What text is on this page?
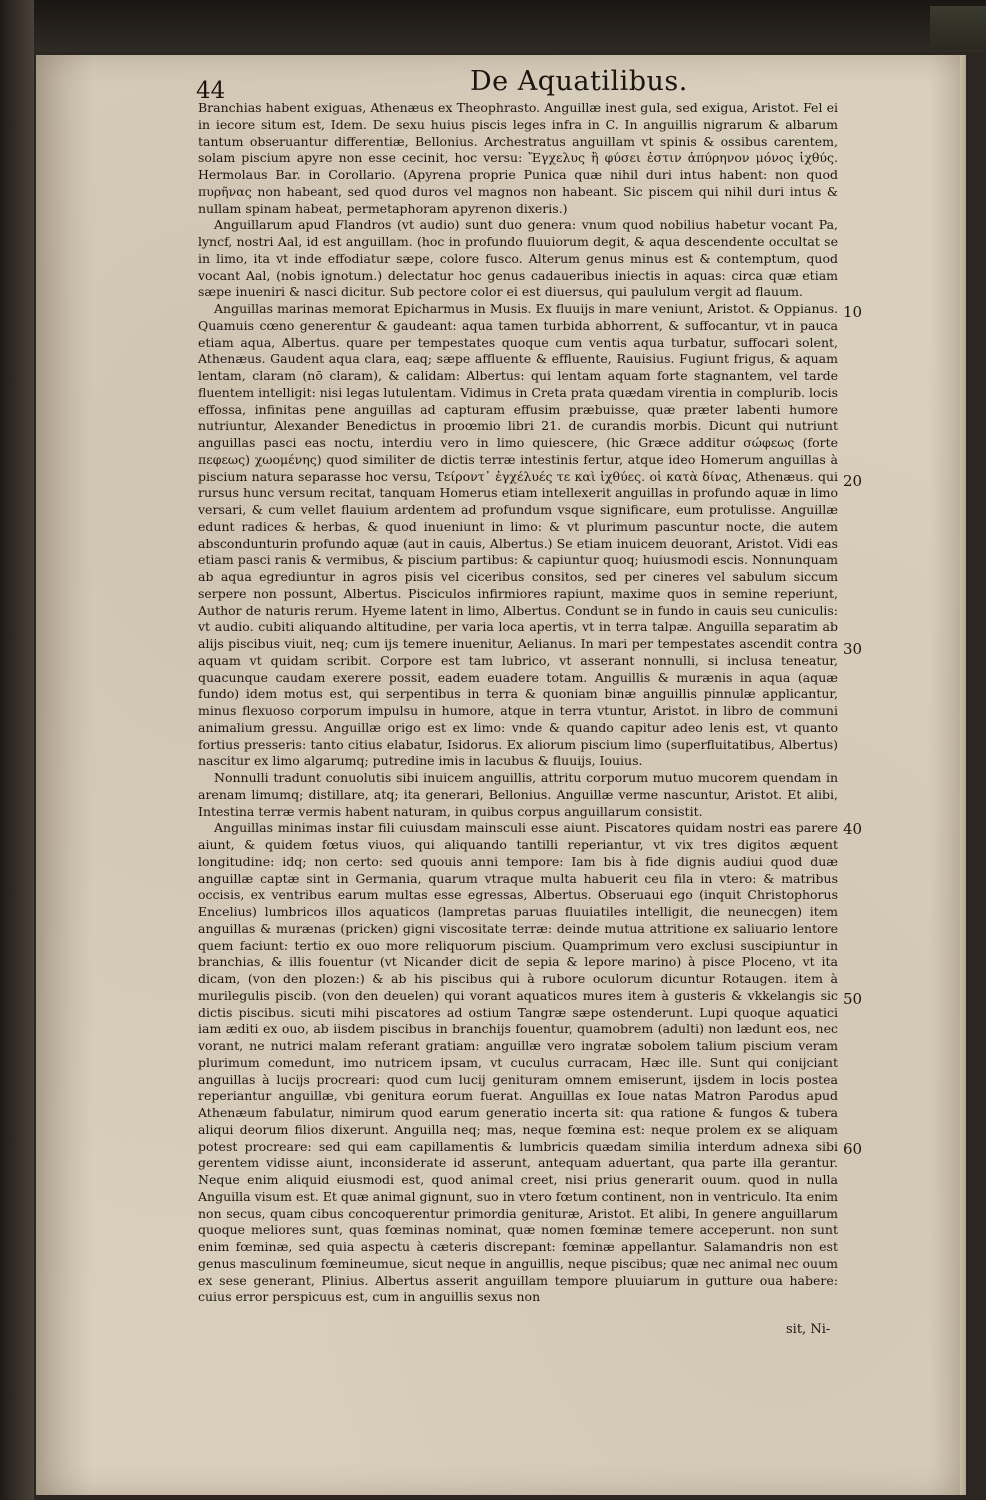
44	De Aquatilibus.

Branchias habent exiguas, Athenæus ex Theophrasto. Anguillæ inest gula, sed exigua, Aristot. Fel ei in iecore situm est, Idem. De sexu huius piscis leges infra in C. In anguillis nigrarum & albarum tantum obseruantur differentiæ, Bellonius. Archestratus anguillam vt spinis & ossibus carentem, solam piscium apyre non esse cecinit, hoc versu: Ἔγχελυς ἢ φύσει ἐστιν ἀπύρηνον μόνος ἰχθύς. Hermolaus Bar. in Corollario. (Apyrena proprie Punica quæ nihil duri intus habent: non quod πυρῆνας non habeant, sed quod duros vel magnos non habeant. Sic piscem qui nihil duri intus & nullam spinam habeat, permetaphoram apyrenon dixeris.)

Anguillarum apud Flandros (vt audio) sunt duo genera: vnum quod nobilius habetur vocant Pa, lyncf, nostri Aal, id est anguillam. (hoc in profundo fluuiorum degit, & aqua descendente occultat se in limo, ita vt inde effodiatur sæpe, colore fusco. Alterum genus minus est & contemptum, quod vocant Aal, (nobis ignotum.) delectatur hoc genus cadaueribus iniectis in aquas: circa quæ etiam sæpe inueniri & nasci dicitur. Sub pectore color ei est diuersus, qui paululum vergit ad flauum.

Anguillas marinas memorat Epicharmus in Musis. Ex fluuijs in mare veniunt, Aristot. & Oppianus. Quamuis cœno generentur & gaudeant: aqua tamen turbida abhorrent, & suffocantur, vt in pauca etiam aqua, Albertus. quare per tempestates quoque cum ventis aqua turbatur, suffocari solent, Athenæus. Gaudent aqua clara, eaq; sæpe affluente & effluente, Rauisius. Fugiunt frigus, & aquam lentam, claram (nō claram), & calidam: Albertus: qui lentam aquam forte stagnantem, vel tarde fluentem intelligit: nisi legas lutulentam. Vidimus in Creta prata quædam virentia in complurib. locis effossa, infinitas pene anguillas ad capturam effusim præbuisse, quæ præter labenti humore nutriuntur, Alexander Benedictus in proœmio libri 21. de curandis morbis. Dicunt qui nutriunt anguillas pasci eas noctu, interdiu vero in limo quiescere, (hic Græce additur σώφεως (forte πεφεως) χωομένης) quod similiter de dictis terræ intestinis fertur, atque ideo Homerum anguillas à piscium natura separasse hoc versu, Τείροντ᾽ ἐγχέλυές τε καὶ ἰχθύες. οἱ κατὰ δίνας, Athenæus. qui rursus hunc versum recitat, tanquam Homerus etiam intellexerit anguillas in profundo aquæ in limo versari, & cum vellet flauium ardentem ad profundum vsque significare, eum protulisse. Anguillæ edunt radices & herbas, & quod inueniunt in limo: & vt plurimum pascuntur nocte, die autem abscondunturin profundo aquæ (aut in cauis, Albertus.) Se etiam inuicem deuorant, Aristot. Vidi eas etiam pasci ranis & vermibus, & piscium partibus: & capiuntur quoq; huiusmodi escis. Nonnunquam ab aqua egrediuntur in agros pisis vel ciceribus consitos, sed per cineres vel sabulum siccum serpere non possunt, Albertus. Pisciculos infirmiores rapiunt, maxime quos in semine reperiunt, Author de naturis rerum. Hyeme latent in limo, Albertus. Condunt se in fundo in cauis seu cuniculis: vt audio. cubiti aliquando altitudine, per varia loca apertis, vt in terra talpæ. Anguilla separatim ab alijs piscibus viuit, neq; cum ijs temere inuenitur, Aelianus. In mari per tempestates ascendit contra aquam vt quidam scribit. Corpore est tam lubrico, vt asserant nonnulli, si inclusa teneatur, quacunque caudam exerere possit, eadem euadere totam. Anguillis & murænis in aqua (aquæ fundo) idem motus est, qui serpentibus in terra & quoniam binæ anguillis pinnulæ applicantur, minus flexuoso corporum impulsu in humore, atque in terra vtuntur, Aristot. in libro de communi animalium gressu. Anguillæ origo est ex limo: vnde & quando capitur adeo lenis est, vt quanto fortius presseris: tanto citius elabatur, Isidorus. Ex aliorum piscium limo (superfluitatibus, Albertus) nascitur ex limo algarumq; putredine imis in lacubus & fluuijs, Iouius.

Nonnulli tradunt conuolutis sibi inuicem anguillis, attritu corporum mutuo mucorem quendam in arenam limumq; distillare, atq; ita generari, Bellonius. Anguillæ verme nascuntur, Aristot. Et alibi, Intestina terræ vermis habent naturam, in quibus corpus anguillarum consistit.

Anguillas minimas instar fili cuiusdam mainsculi esse aiunt. Piscatores quidam nostri eas parere aiunt, & quidem fœtus viuos, qui aliquando tantilli reperiantur, vt vix tres digitos æquent longitudine: idq; non certo: sed quouis anni tempore: Iam bis à fide dignis audiui quod duæ anguillæ captæ sint in Germania, quarum vtraque multa habuerit ceu fila in vtero: & matribus occisis, ex ventribus earum multas esse egressas, Albertus. Obseruaui ego (inquit Christophorus Encelius) lumbricos illos aquaticos (lampretas paruas fluuiatiles intelligit, die neunecgen) item anguillas & murænas (pricken) gigni viscositate terræ: deinde mutua attritione ex saliuario lentore quem faciunt: tertio ex ouo more reliquorum piscium. Quamprimum vero exclusi suscipiuntur in branchias, & illis fouentur (vt Nicander dicit de sepia & lepore marino) à pisce Ploceno, vt ita dicam, (von den plozen:) & ab his piscibus qui à rubore oculorum dicuntur Rotaugen. item à murilegulis piscib. (von den deuelen) qui vorant aquaticos mures item à gusteris & vkkelangis sic dictis piscibus. sicuti mihi piscatores ad ostium Tangræ sæpe ostenderunt. Lupi quoque aquatici iam æditi ex ouo, ab iisdem piscibus in branchijs fouentur, quamobrem (adulti) non lædunt eos, nec vorant, ne nutrici malam referant gratiam: anguillæ vero ingratæ sobolem talium piscium veram plurimum comedunt, imo nutricem ipsam, vt cuculus curracam, Hæc ille. Sunt qui conijciant anguillas à lucijs procreari: quod cum lucij genituram omnem emiserunt, ijsdem in locis postea reperiantur anguillæ, vbi genitura eorum fuerat. Anguillas ex Ioue natas Matron Parodus apud Athenæum fabulatur, nimirum quod earum generatio incerta sit: qua ratione & fungos & tubera aliqui deorum filios dixerunt. Anguilla neq; mas, neque fœmina est: neque prolem ex se aliquam potest procreare: sed qui eam capillamentis & lumbricis quædam similia interdum adnexa sibi gerentem vidisse aiunt, inconsiderate id asserunt, antequam aduertant, qua parte illa gerantur. Neque enim aliquid eiusmodi est, quod animal creet, nisi prius generarit ouum. quod in nulla Anguilla visum est. Et quæ animal gignunt, suo in vtero fœtum continent, non in ventriculo. Ita enim non secus, quam cibus concoquerentur primordia genituræ, Aristot. Et alibi, In genere anguillarum quoque meliores sunt, quas fœminas nominat, quæ nomen fœminæ temere acceperunt. non sunt enim fœminæ, sed quia aspectu à cæteris discrepant: fœminæ appellantur. Salamandris non est genus masculinum fœmineumue, sicut neque in anguillis, neque piscibus; quæ nec animal nec ouum ex sese generant, Plinius. Albertus asserit anguillam tempore pluuiarum in gutture oua habere: cuius error perspicuus est, cum in anguillis sexus non

10
20
30
40
50
60
sit, Ni-
